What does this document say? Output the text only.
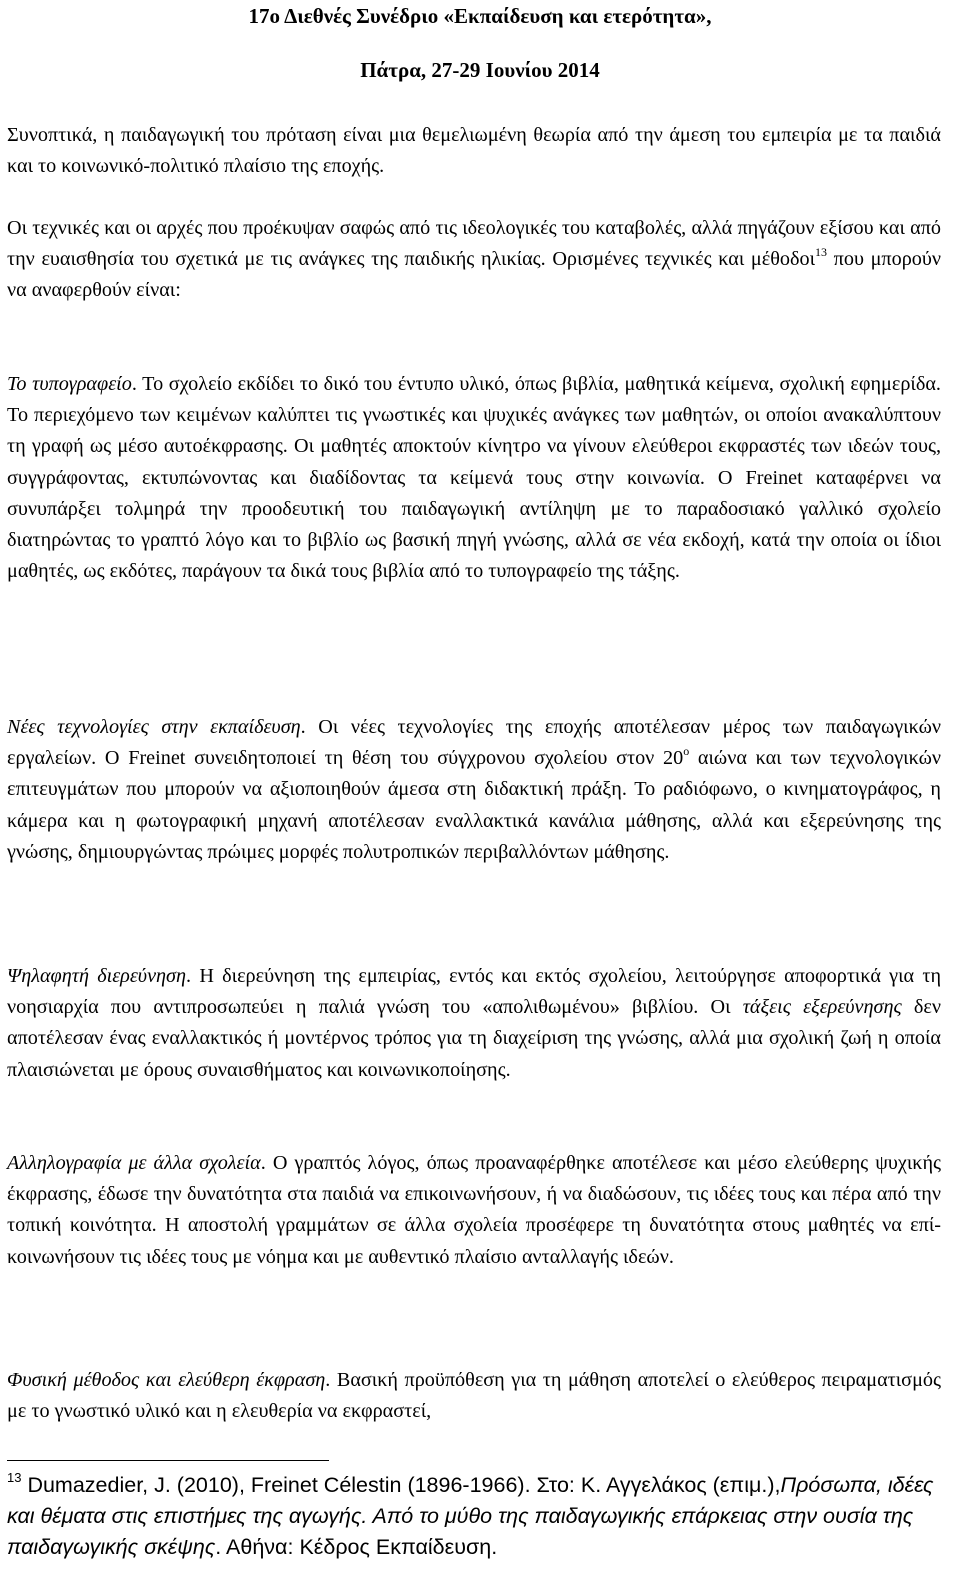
17ο Διεθνές Συνέδριο «Εκπαίδευση και ετερότητα»,
Πάτρα, 27-29 Ιουνίου 2014

Συνοπτικά, η παιδαγωγική του πρόταση είναι μια θεμελιωμένη θεωρία από την άμεση του εμπειρία με τα παιδιά και το κοινωνικό-πολιτικό πλαίσιο της εποχής.

Οι τεχνικές και οι αρχές που προέκυψαν σαφώς από τις ιδεολογικές του καταβολές, αλλά πηγάζουν εξίσου και από την ευαισθησία του σχετικά με τις ανάγκες της παιδικής ηλικίας. Ορισμένες τεχνικές και μέθοδοι$^{13}$ που μπορούν να αναφερθούν είναι:

Το τυπογραφείο. Το σχολείο εκδίδει το δικό του έντυπο υλικό, όπως βιβλία, μαθητικά κείμενα, σχολική εφημερίδα. Το περιεχόμενο των κειμένων καλύπτει τις γνωστικές και ψυχικές ανάγκες των μαθητών, οι οποίοι ανακαλύπτουν τη γραφή ως μέσο αυτοέκφρασης. Οι μαθητές αποκτούν κίνητρο να γίνουν ελεύθεροι εκφραστές των ιδεών τους, συγγράφοντας, εκτυπώνοντας και διαδίδοντας τα κείμενά τους στην κοινωνία. Ο Freinet καταφέρνει να συνυπάρξει τολμηρά την προοδευτική του παιδαγωγική αντίληψη με το παραδοσιακό γαλλικό σχολείο διατηρώντας το γραπτό λόγο και το βιβλίο ως βασική πηγή γνώσης, αλλά σε νέα εκδοχή, κατά την οποία οι ίδιοι μαθητές, ως εκδότες, παράγουν τα δικά τους βιβλία από το τυπογραφείο της τάξης.

Νέες τεχνολογίες στην εκπαίδευση. Οι νέες τεχνολογίες της εποχής αποτέλεσαν μέρος των παιδαγωγικών εργαλείων. Ο Freinet συνειδητοποιεί τη θέση του σύγχρονου σχολείου στον $20^o$ αιώνα και των τεχνολογικών επιτευγμάτων που μπορούν να αξιοποιηθούν άμεσα στη διδακτική πράξη. Το ραδιόφωνο, ο κινηματογράφος, η κάμερα και η φωτογραφική μηχανή αποτέλεσαν εναλλακτικά κανάλια μάθησης, αλλά και εξερεύνησης της γνώσης, δημιουργώντας πρώιμες μορφές πολυτροπικών περιβαλλόντων μάθησης.

Ψηλαφητή διερεύνηση. Η διερεύνηση της εμπειρίας, εντός και εκτός σχολείου, λειτούργησε αποφορτικά για τη νοησιαρχία που αντιπροσωπεύει η παλιά γνώση του «απολιθωμένου» βιβλίου. Οι τάξεις εξερεύνησης δεν αποτέλεσαν ένας εναλλακτικός ή μοντέρνος τρόπος για τη διαχείριση της γνώσης, αλλά μια σχολική ζωή η οποία πλαισιώνεται με όρους συναισθήματος και κοινωνικοποίησης.

Αλληλογραφία με άλλα σχολεία. Ο γραπτός λόγος, όπως προαναφέρθηκε αποτέλεσε και μέσο ελεύθερης ψυχικής έκφρασης, έδωσε την δυνατότητα στα παιδιά να επικοινωνήσουν, ή να διαδώσουν, τις ιδέες τους και πέρα από την τοπική κοινότητα. Η αποστολή γραμμάτων σε άλλα σχολεία προσέφερε τη δυνατότητα στους μαθητές να επί-κοινωνήσουν τις ιδέες τους με νόημα και με αυθεντικό πλαίσιο ανταλλαγής ιδεών.

Φυσική μέθοδος και ελεύθερη έκφραση. Βασική προϋπόθεση για τη μάθηση αποτελεί ο ελεύθερος πειραματισμός με το γνωστικό υλικό και η ελευθερία να εκφραστεί,

$^{13}$ Dumazedier, J. (2010), Freinet Célestin (1896-1966). Στο: Κ. Αγγελάκος (επιμ.),Πρόσωπα, ιδέες και θέματα στις επιστήμες της αγωγής. Από το μύθο της παιδαγωγικής επάρκειας στην ουσία της παιδαγωγικής σκέψης. Αθήνα: Κέδρος Εκπαίδευση.
